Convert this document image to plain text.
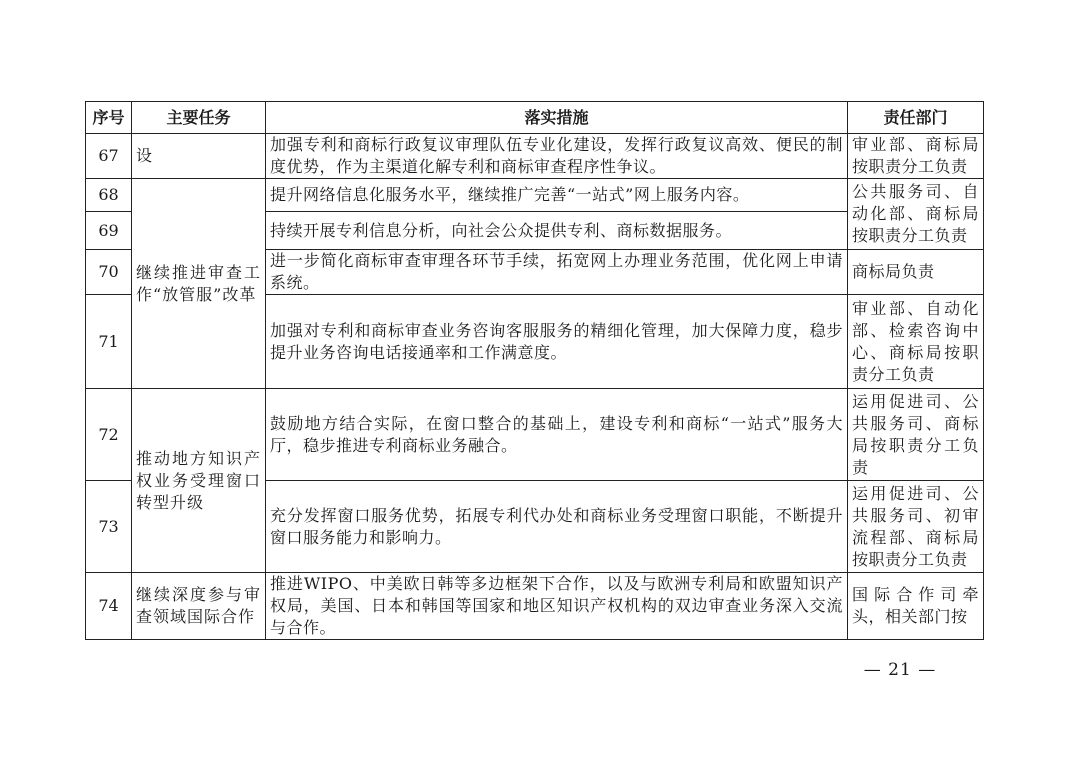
序号	主要任务	落实措施	责任部门
67	设	加强专利和商标行政复议审理队伍专业化建设，发挥行政复议高效、便民的制度优势，作为主渠道化解专利和商标审查程序性争议。	审业部、商标局按职责分工负责
68	继续推进审查工作“放管服”改革	提升网络信息化服务水平，继续推广完善“一站式”网上服务内容。	公共服务司、自动化部、商标局按职责分工负责
69		持续开展专利信息分析，向社会公众提供专利、商标数据服务。	
70		进一步简化商标审查审理各环节手续，拓宽网上办理业务范围，优化网上申请系统。	商标局负责
71		加强对专利和商标审查业务咨询客服服务的精细化管理，加大保障力度，稳步提升业务咨询电话接通率和工作满意度。	审业部、自动化部、检索咨询中心、商标局按职责分工负责
72	推动地方知识产权业务受理窗口转型升级	鼓励地方结合实际，在窗口整合的基础上，建设专利和商标“一站式”服务大厅，稳步推进专利商标业务融合。	运用促进司、公共服务司、商标局按职责分工负责
73		充分发挥窗口服务优势，拓展专利代办处和商标业务受理窗口职能，不断提升窗口服务能力和影响力。	运用促进司、公共服务司、初审流程部、商标局按职责分工负责
74	继续深度参与审查领域国际合作	推进WIPO、中美欧日韩等多边框架下合作，以及与欧洲专利局和欧盟知识产权局，美国、日本和韩国等国家和地区知识产权机构的双边审查业务深入交流与合作。	国际合作司牵头，相关部门按
— 21 —
